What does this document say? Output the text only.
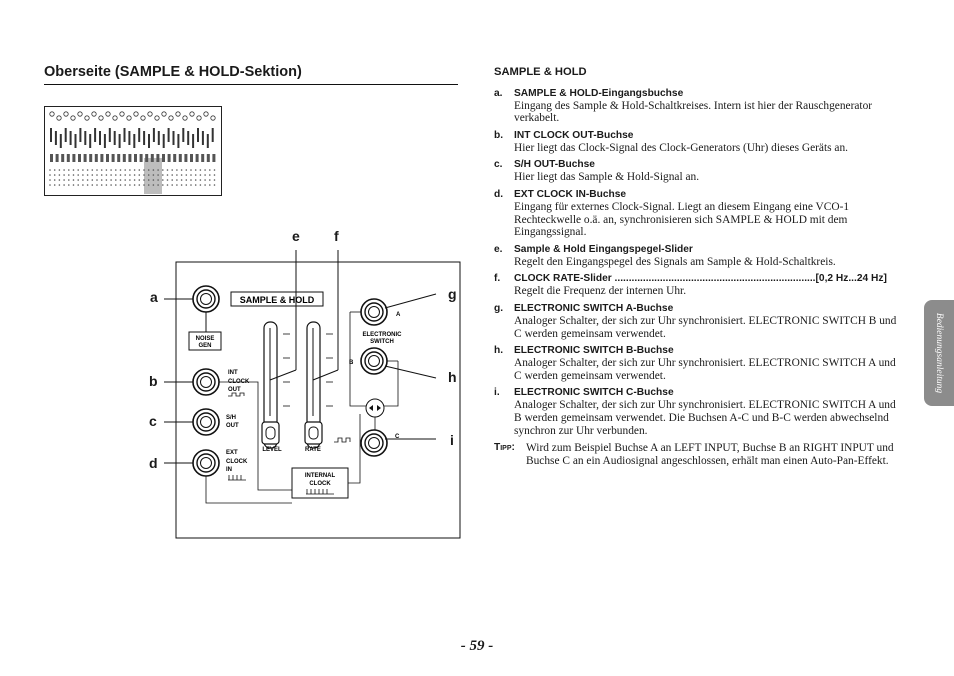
Oberseite (SAMPLE & HOLD-Sektion)
SAMPLE & HOLD
NOISE
GEN
INT
CLOCK
OUT
S/H
OUT
EXT
CLOCK
IN
LEVEL	RATE
INTERNAL
CLOCK
A
ELECTRONIC
SWITCH
B
C
a
b
c
d
e f
g
h
i
SAMPLE & HOLD
a.	SAMPLE & HOLD-Eingangsbuchse
Eingang des Sample & Hold-Schaltkreises. Intern ist hier der Rauschgenerator verkabelt.
b.	INT CLOCK OUT-Buchse
Hier liegt das Clock-Signal des Clock-Generators (Uhr) dieses Geräts an.
c.	S/H OUT-Buchse
Hier liegt das Sample & Hold-Signal an.
d.	EXT CLOCK IN-Buchse
Eingang für externes Clock-Signal. Liegt an diesem Eingang eine VCO-1 Rechteckwelle o.ä. an, synchronisieren sich SAMPLE & HOLD mit dem Eingangssignal.
e.	Sample & Hold Eingangspegel-Slider
Regelt den Eingangspegel des Signals am Sample & Hold-Schaltkreis.
f.	CLOCK RATE-Slider .......................................................................[0,2 Hz...24 Hz]
Regelt die Frequenz der internen Uhr.
g.	ELECTRONIC SWITCH A-Buchse
Analoger Schalter, der sich zur Uhr synchronisiert. ELECTRONIC SWITCH B und C werden gemeinsam verwendet.
h.	ELECTRONIC SWITCH B-Buchse
Analoger Schalter, der sich zur Uhr synchronisiert. ELECTRONIC SWITCH A und C werden gemeinsam verwendet.
i.	ELECTRONIC SWITCH C-Buchse
Analoger Schalter, der sich zur Uhr synchronisiert. ELECTRONIC SWITCH A und B werden gemeinsam verwendet. Die Buchsen A-C und B-C werden abwechselnd synchron zur Uhr verbunden.
Tipp: Wird zum Beispiel Buchse A an LEFT INPUT, Buchse B an RIGHT INPUT und Buchse C an ein Audiosignal angeschlossen, erhält man einen Auto-Pan-Effekt.
Bedienungsanleitung
- 59 -
